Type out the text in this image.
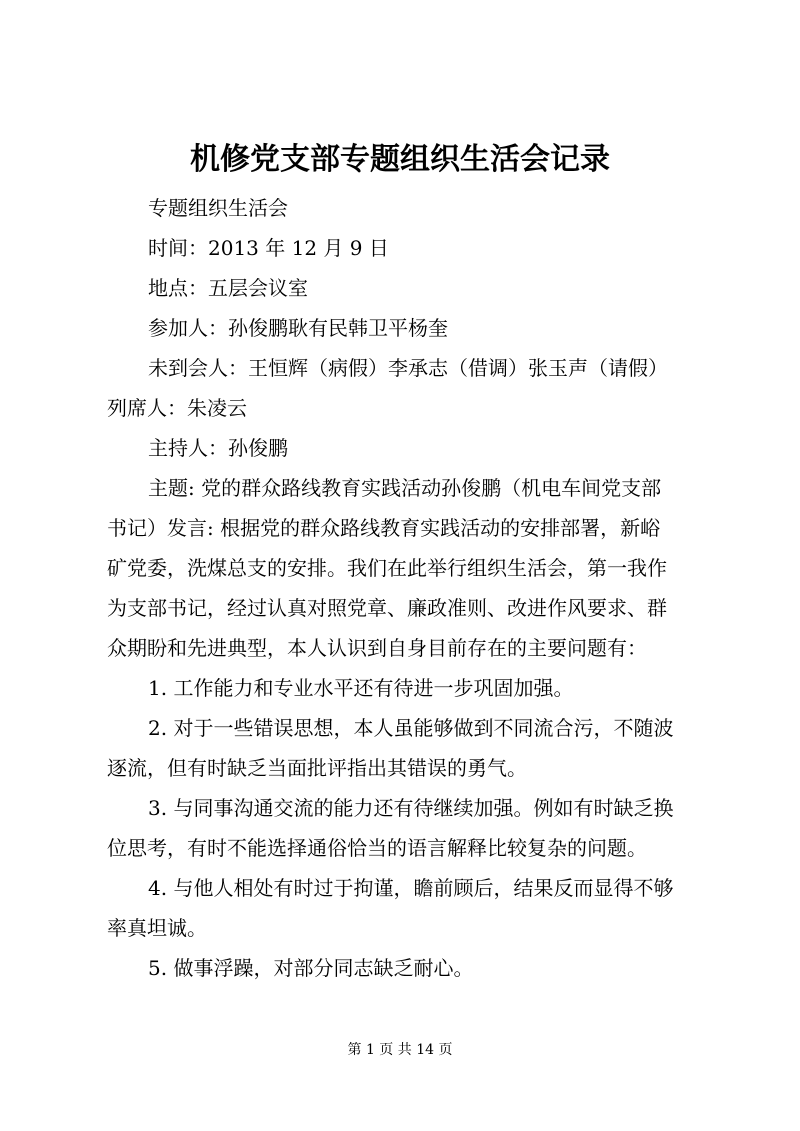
机修党支部专题组织生活会记录
专题组织生活会
时间：2013 年 12 月 9 日
地点：五层会议室
参加人：孙俊鹏耿有民韩卫平杨奎
未到会人：王恒辉（病假）李承志（借调）张玉声（请假）
列席人：朱凌云
主持人：孙俊鹏
主题: 党的群众路线教育实践活动孙俊鹏（机电车间党支部
书记）发言: 根据党的群众路线教育实践活动的安排部署，新峪
矿党委，洗煤总支的安排。我们在此举行组织生活会，第一我作
为支部书记，经过认真对照党章、廉政准则、改进作风要求、群
众期盼和先进典型，本人认识到自身目前存在的主要问题有：
1. 工作能力和专业水平还有待进一步巩固加强。
2. 对于一些错误思想，本人虽能够做到不同流合污，不随波
逐流，但有时缺乏当面批评指出其错误的勇气。
3. 与同事沟通交流的能力还有待继续加强。例如有时缺乏换
位思考，有时不能选择通俗恰当的语言解释比较复杂的问题。
4. 与他人相处有时过于拘谨，瞻前顾后，结果反而显得不够
率真坦诚。
5. 做事浮躁，对部分同志缺乏耐心。
第 1 页 共 14 页
